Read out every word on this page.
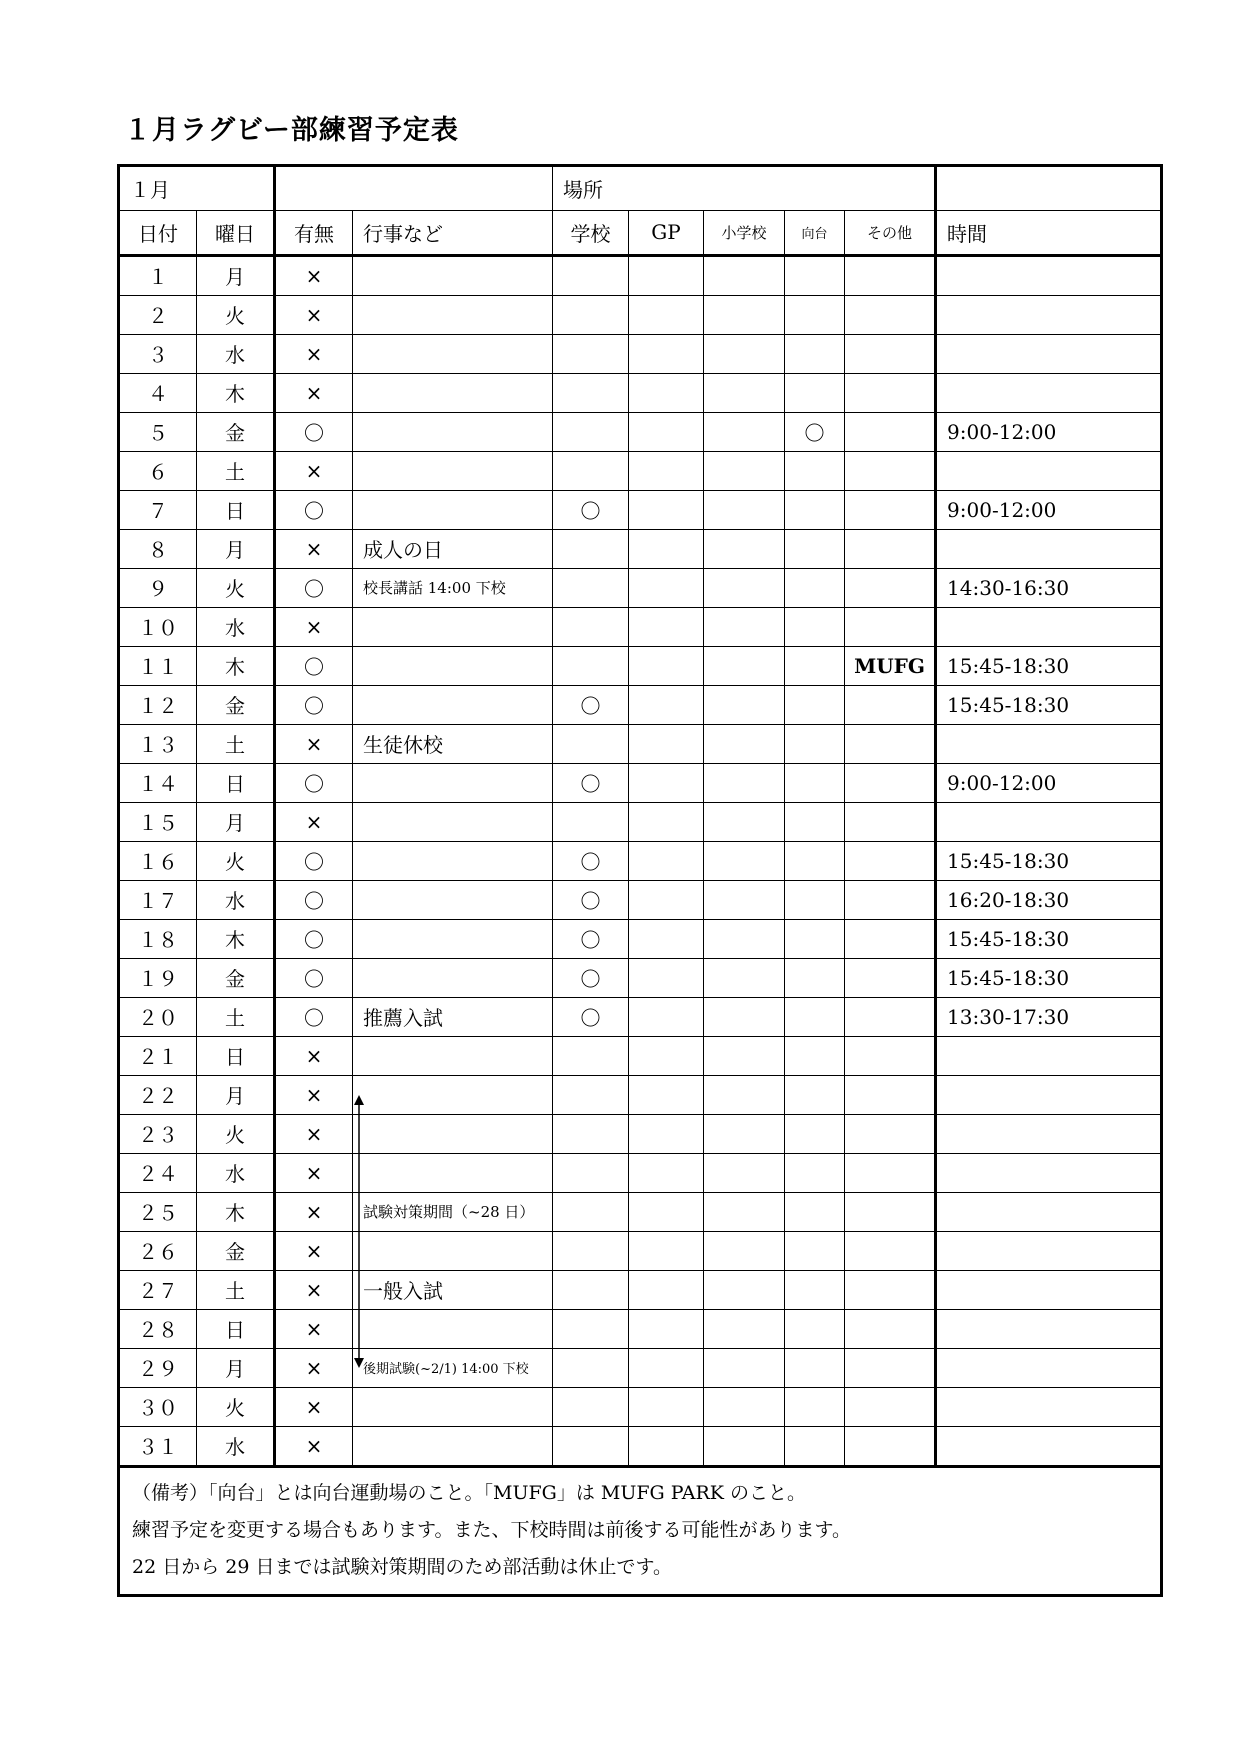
１月ラグビー部練習予定表
１月				場所					
日付	曜日	有無	行事など	学校	GP	小学校	向台	その他	時間
１	月	×							
２	火	×							
３	水	×							
４	木	×							
５	金	〇					〇		9:00-12:00
６	土	×							
７	日	〇		〇					9:00-12:00
８	月	×	成人の日						
９	火	〇	校長講話 14:00 下校						14:30-16:30
１０	水	×							
１１	木	〇						MUFG	15:45-18:30
１２	金	〇		〇					15:45-18:30
１３	土	×	生徒休校						
１４	日	〇		〇					9:00-12:00
１５	月	×							
１６	火	〇		〇					15:45-18:30
１７	水	〇		〇					16:20-18:30
１８	木	〇		〇					15:45-18:30
１９	金	〇		〇					15:45-18:30
２０	土	〇	推薦入試	〇					13:30-17:30
２１	日	×							
２２	月	×							
２３	火	×							
２４	水	×							
２５	木	×	試験対策期間（~28 日）						
２６	金	×							
２７	土	×	一般入試						
２８	日	×							
２９	月	×	後期試験(~2/1) 14:00 下校						
３０	火	×							
３１	水	×							

（備考）「向台」とは向台運動場のこと。「MUFG」は MUFG PARK のこと。
練習予定を変更する場合もあります。また、下校時間は前後する可能性があります。
22 日から 29 日までは試験対策期間のため部活動は休止です。									
